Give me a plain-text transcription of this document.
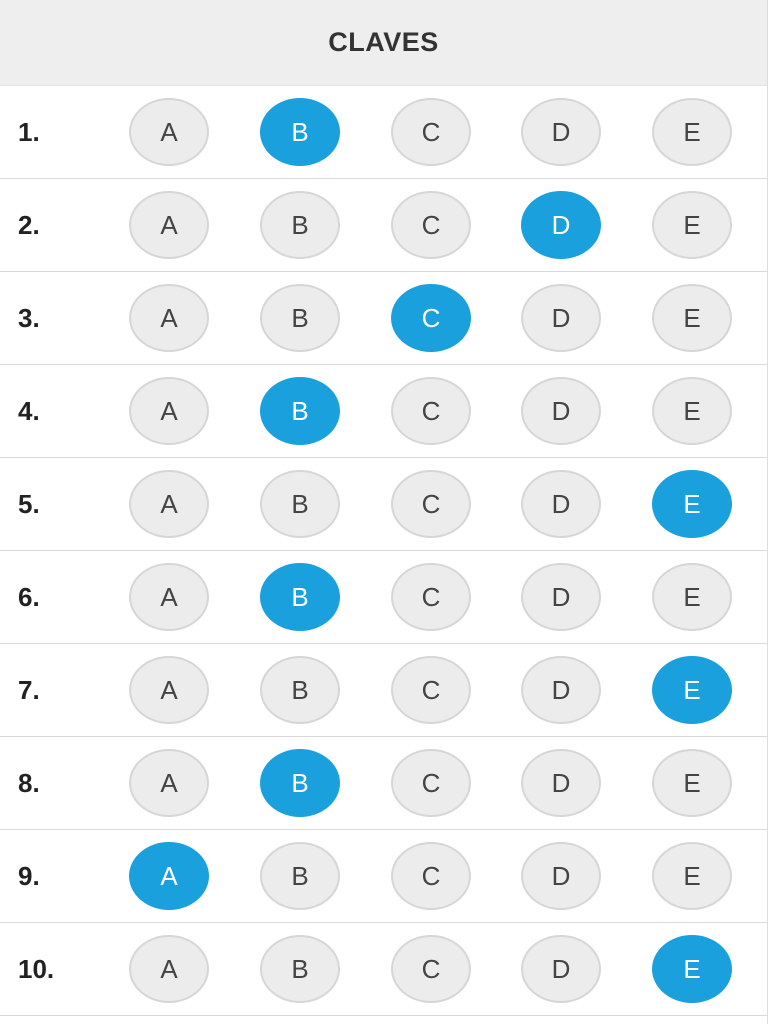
CLAVES
1.	A	B	C	D	E
2.	A	B	C	D	E
3.	A	B	C	D	E
4.	A	B	C	D	E
5.	A	B	C	D	E
6.	A	B	C	D	E
7.	A	B	C	D	E
8.	A	B	C	D	E
9.	A	B	C	D	E
10.	A	B	C	D	E
